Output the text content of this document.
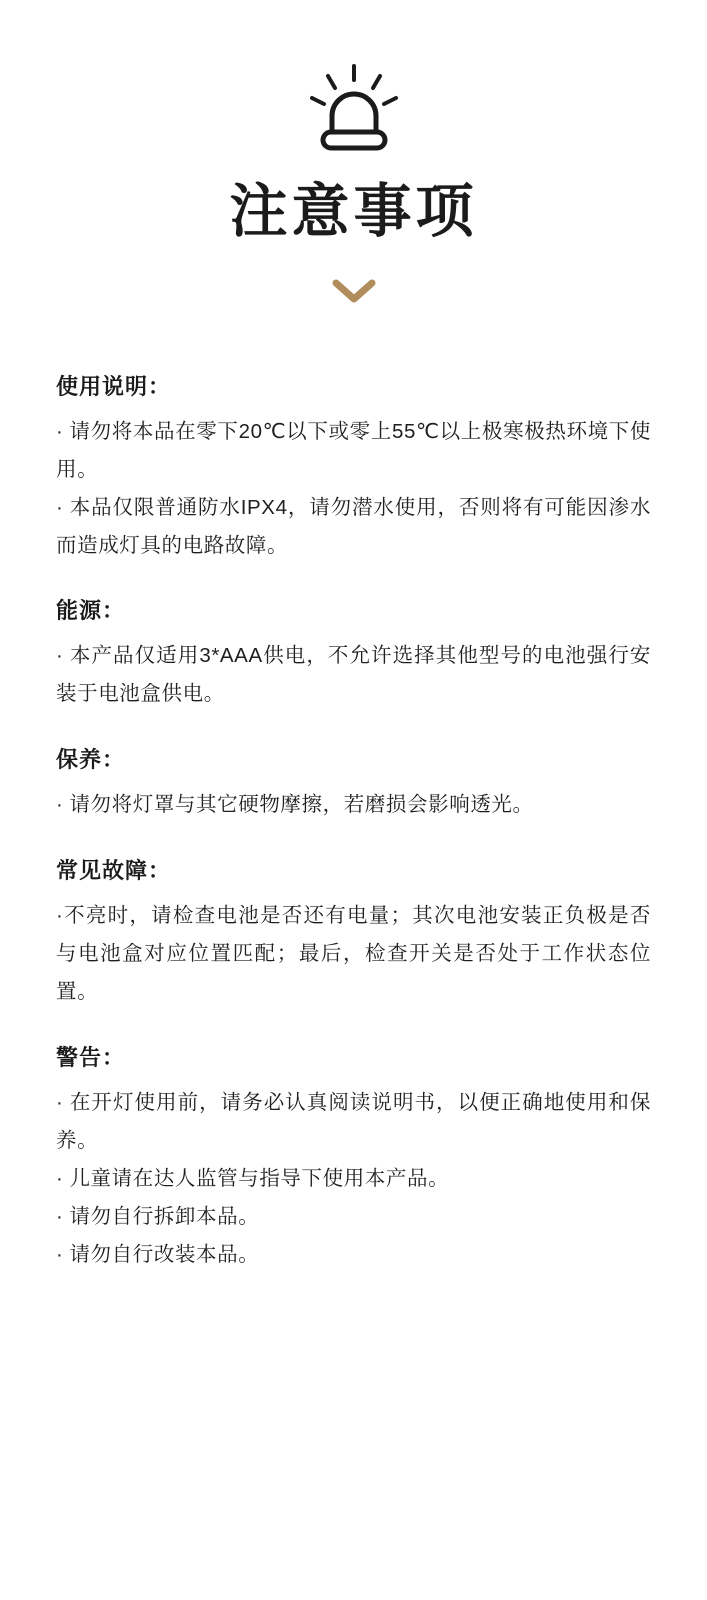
注意事项
使用说明：

· 请勿将本品在零下20℃以下或零上55℃以上极寒极热环境下使用。

· 本品仅限普通防水IPX4，请勿潜水使用，否则将有可能因渗水而造成灯具的电路故障。

能源：

· 本产品仅适用3*AAA供电，不允许选择其他型号的电池强行安装于电池盒供电。

保养：

· 请勿将灯罩与其它硬物摩擦，若磨损会影响透光。

常见故障：

·不亮时，请检查电池是否还有电量；其次电池安装正负极是否与电池盒对应位置匹配；最后，检查开关是否处于工作状态位置。

警告：

· 在开灯使用前，请务必认真阅读说明书，以便正确地使用和保养。

· 儿童请在达人监管与指导下使用本产品。

· 请勿自行拆卸本品。

· 请勿自行改装本品。
